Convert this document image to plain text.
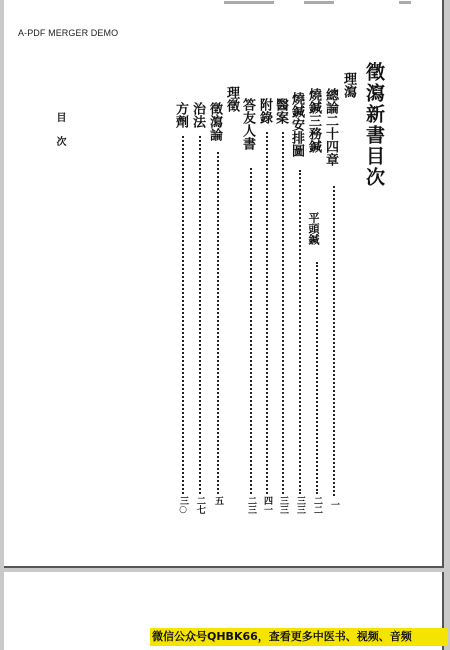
A-PDF MERGER DEMO
徵瀉新書目次
理瀉
總論二十四章
一
燒鍼三務鍼
平頭鍼
二二
燒鍼安排圖
三三
醫案
三三
附錄
四一
答友人書
二三
理徵
徵瀉論
五
治法
二七
方劑
三○
目次
微信公众号QHBK66，查看更多中医书、视频、音频
